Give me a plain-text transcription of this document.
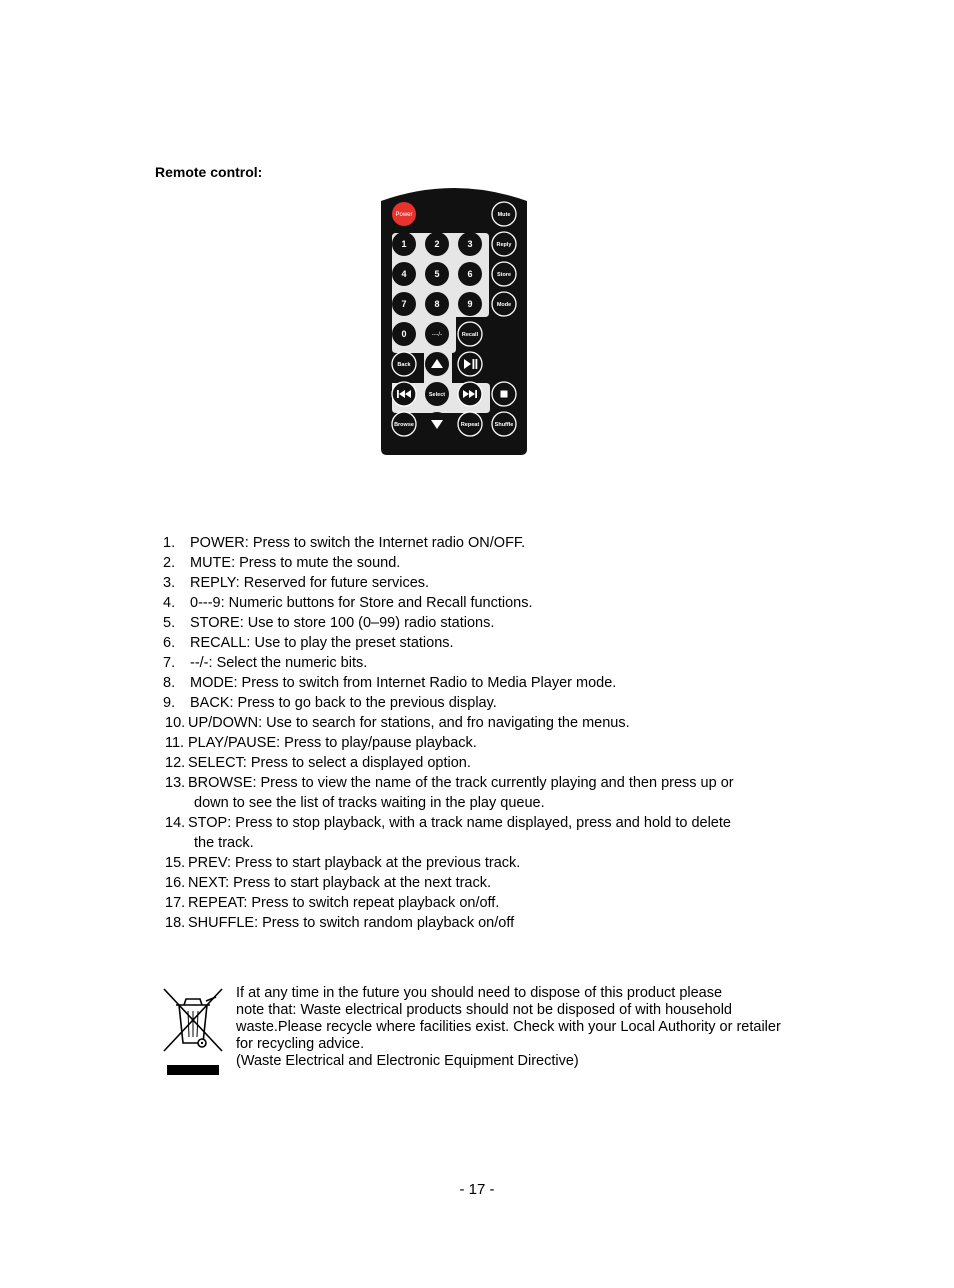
Remote control:
Power	Mute
Reply
Store
Mode
1	2	3
4	5	6
7	8	9
0	---/-	Recall
Back
Select
Browse	Repeat	Shuffle
1. POWER: Press to switch the Internet radio ON/OFF.
2. MUTE: Press to mute the sound.
3. REPLY: Reserved for future services.
4. 0---9: Numeric buttons for Store and Recall functions.
5. STORE: Use to store 100 (0–99) radio stations.
6. RECALL: Use to play the preset stations.
7. --/-: Select the numeric bits.
8. MODE: Press to switch from Internet Radio to Media Player mode.
9. BACK: Press to go back to the previous display.
10. UP/DOWN: Use to search for stations, and fro navigating the menus.
11. PLAY/PAUSE: Press to play/pause playback.
12. SELECT: Press to select a displayed option.
13. BROWSE: Press to view the name of the track currently playing and then press up or
down to see the list of tracks waiting in the play queue.
14. STOP: Press to stop playback, with a track name displayed, press and hold to delete
the track.
15. PREV: Press to start playback at the previous track.
16. NEXT: Press to start playback at the next track.
17. REPEAT: Press to switch repeat playback on/off.
18. SHUFFLE: Press to switch random playback on/off

If at any time in the future you should need to dispose of this product please

note that: Waste electrical products should not be disposed of with household

waste.Please recycle where facilities exist. Check with your Local Authority or retailer

for recycling advice.

(Waste Electrical and Electronic Equipment Directive)

- 17 -
